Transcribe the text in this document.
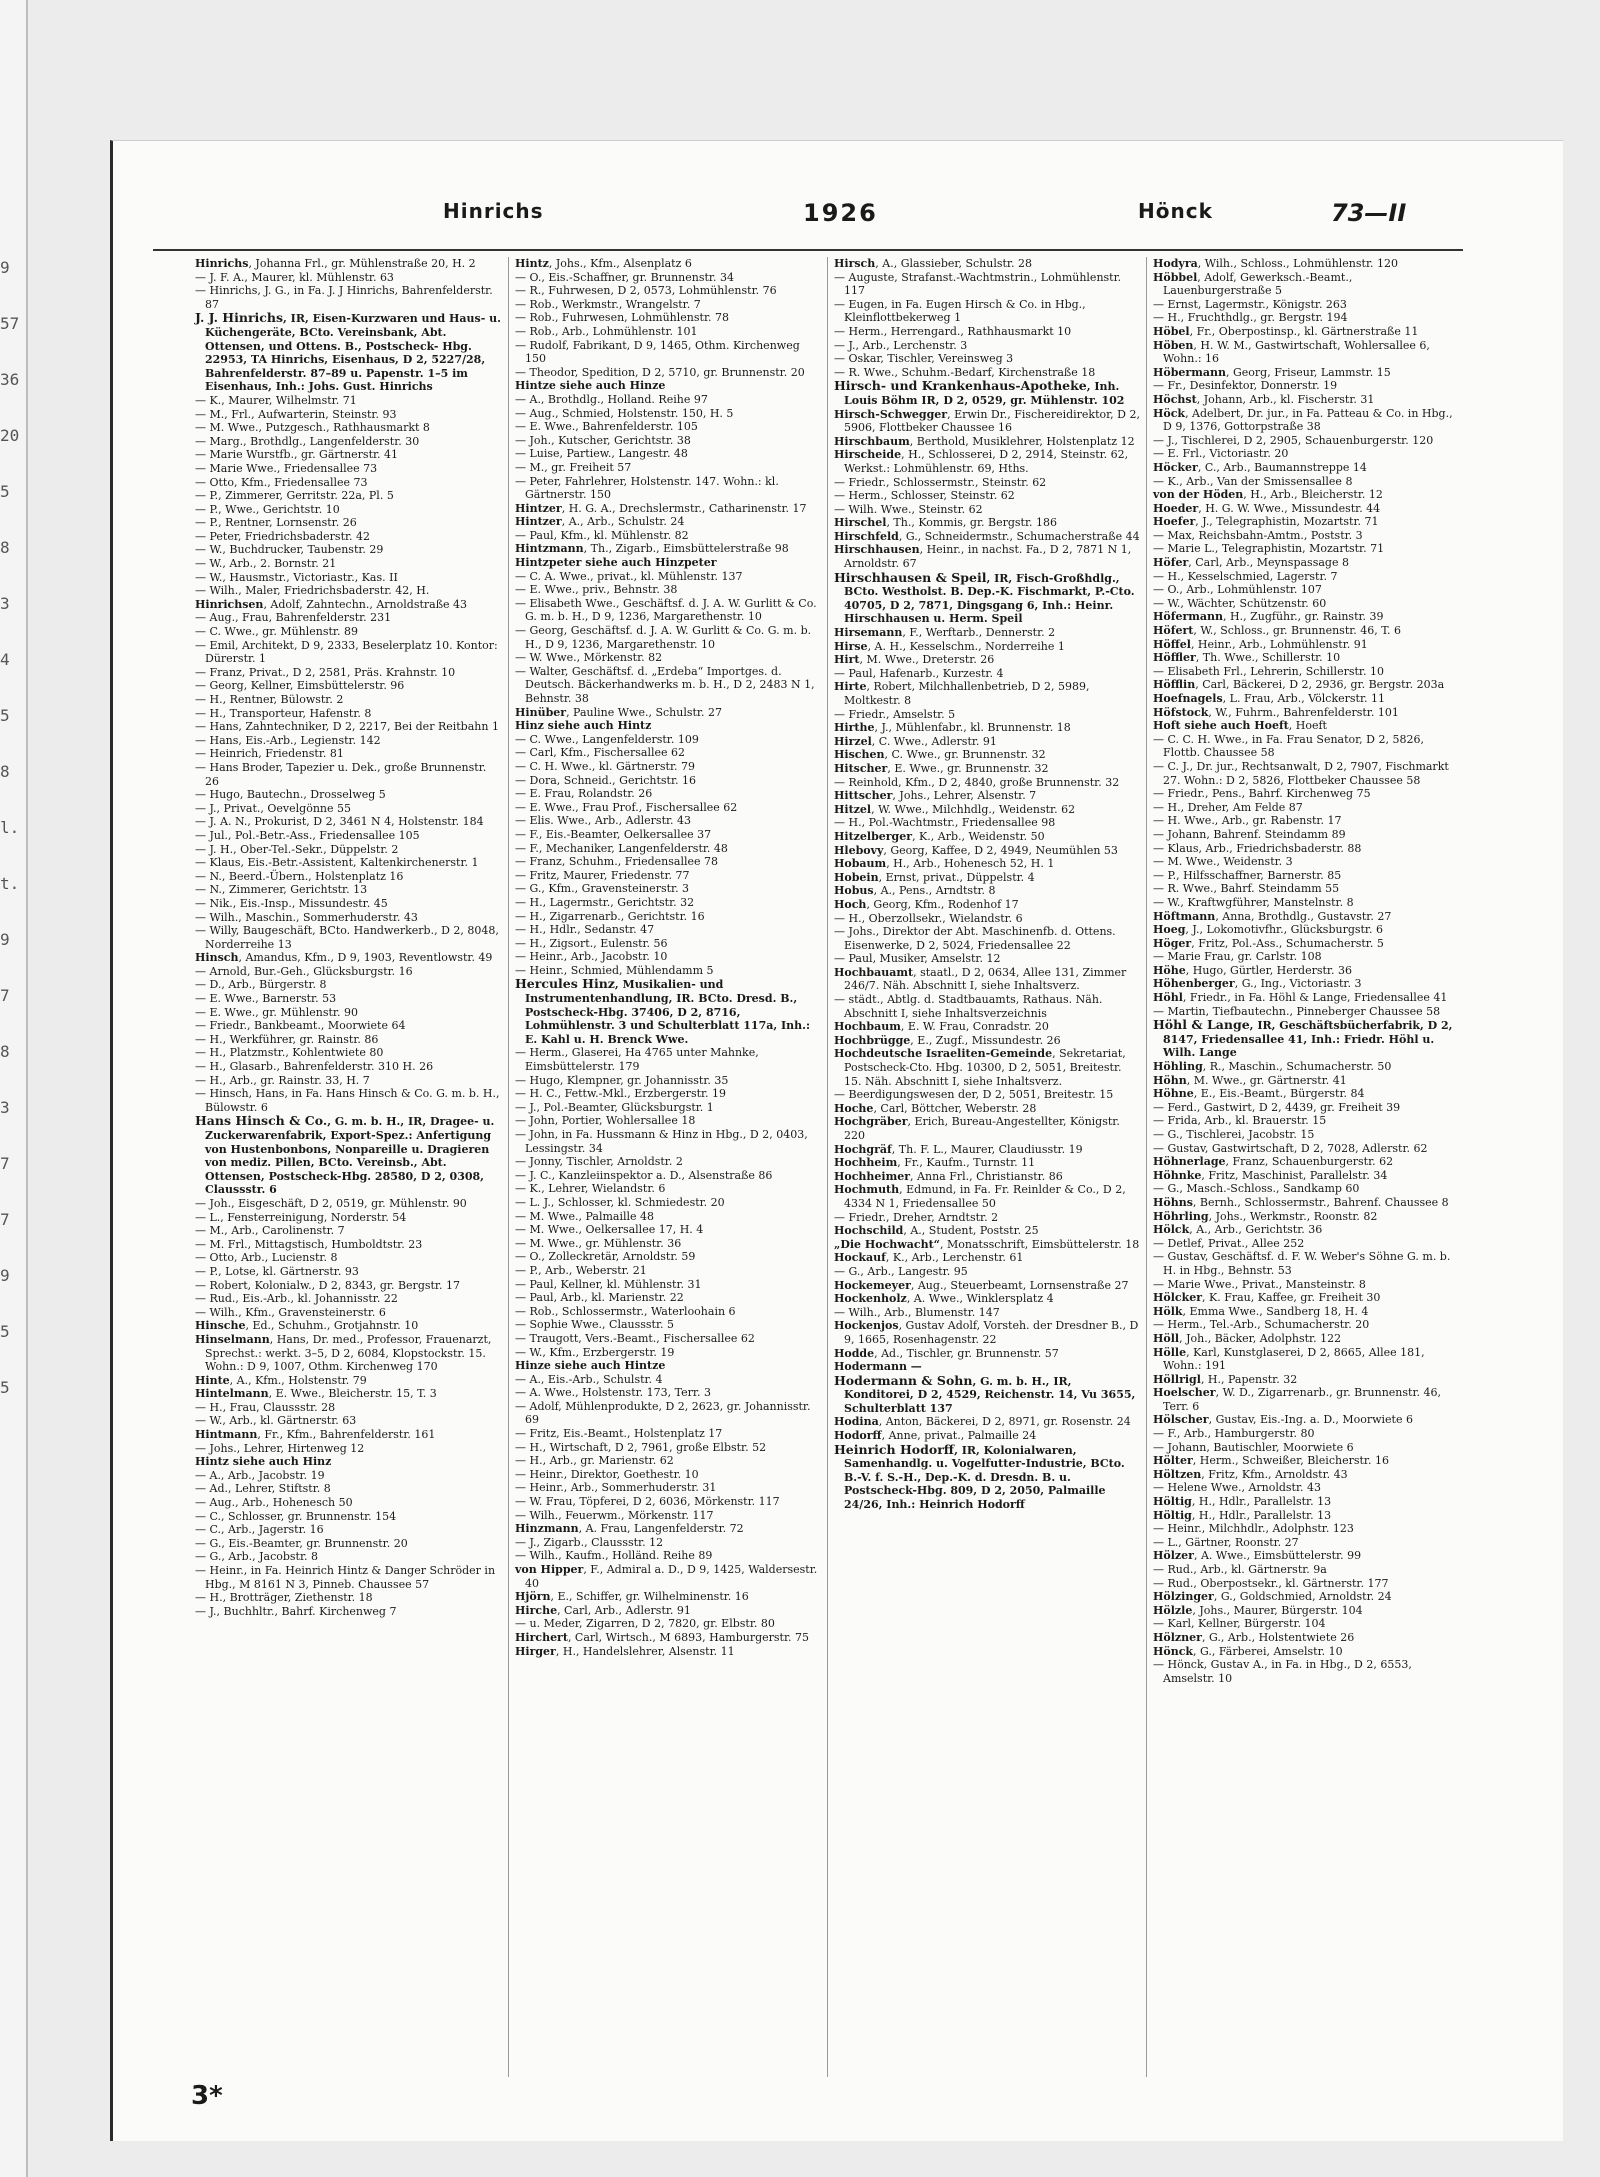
9
57
36
20
5
8
3
4
5
8
l.
t.
9
7
8
3
7
7
9
5
5
Hinrichs	1926	Hönck	73—II

Hinrichs, Johanna Frl., gr. Mühlenstraße 20, H. 2

— J. F. A., Maurer, kl. Mühlenstr. 63

— Hinrichs, J. G., in Fa. J. J Hinrichs, Bahrenfelderstr. 87

J. J. Hinrichs, IR, Eisen-Kurzwaren und Haus- u. Küchengeräte, BCto. Vereinsbank, Abt. Ottensen, und Ottens. B., Postscheck- Hbg. 22953, TA Hinrichs, Eisenhaus, D 2, 5227/28, Bahrenfelderstr. 87–89 u. Papenstr. 1–5 im Eisenhaus, Inh.: Johs. Gust. Hinrichs

— K., Maurer, Wilhelmstr. 71

— M., Frl., Aufwarterin, Steinstr. 93

— M. Wwe., Putzgesch., Rathhausmarkt 8

— Marg., Brothdlg., Langenfelderstr. 30

— Marie Wurstfb., gr. Gärtnerstr. 41

— Marie Wwe., Friedensallee 73

— Otto, Kfm., Friedensallee 73

— P., Zimmerer, Gerritstr. 22a, Pl. 5

— P., Wwe., Gerichtstr. 10

— P., Rentner, Lornsenstr. 26

— Peter, Friedrichsbaderstr. 42

— W., Buchdrucker, Taubenstr. 29

— W., Arb., 2. Bornstr. 21

— W., Hausmstr., Victoriastr., Kas. II

— Wilh., Maler, Friedrichsbaderstr. 42, H.

Hinrichsen, Adolf, Zahntechn., Arnoldstraße 43

— Aug., Frau, Bahrenfelderstr. 231

— C. Wwe., gr. Mühlenstr. 89

— Emil, Architekt, D 9, 2333, Beselerplatz 10. Kontor: Dürerstr. 1

— Franz, Privat., D 2, 2581, Präs. Krahnstr. 10

— Georg, Kellner, Eimsbüttelerstr. 96

— H., Rentner, Bülowstr. 2

— H., Transporteur, Hafenstr. 8

— Hans, Zahntechniker, D 2, 2217, Bei der Reitbahn 1

— Hans, Eis.-Arb., Legienstr. 142

— Heinrich, Friedenstr. 81

— Hans Broder, Tapezier u. Dek., große Brunnenstr. 26

— Hugo, Bautechn., Drosselweg 5

— J., Privat., Oevelgönne 55

— J. A. N., Prokurist, D 2, 3461 N 4, Holstenstr. 184

— Jul., Pol.-Betr.-Ass., Friedensallee 105

— J. H., Ober-Tel.-Sekr., Düppelstr. 2

— Klaus, Eis.-Betr.-Assistent, Kaltenkirchenerstr. 1

— N., Beerd.-Übern., Holstenplatz 16

— N., Zimmerer, Gerichtstr. 13

— Nik., Eis.-Insp., Missundestr. 45

— Wilh., Maschin., Sommerhuderstr. 43

— Willy, Baugeschäft, BCto. Handwerkerb., D 2, 8048, Norderreihe 13

Hinsch, Amandus, Kfm., D 9, 1903, Reventlowstr. 49

— Arnold, Bur.-Geh., Glücksburgstr. 16

— D., Arb., Bürgerstr. 8

— E. Wwe., Barnerstr. 53

— E. Wwe., gr. Mühlenstr. 90

— Friedr., Bankbeamt., Moorwiete 64

— H., Werkführer, gr. Rainstr. 86

— H., Platzmstr., Kohlentwiete 80

— H., Glasarb., Bahrenfelderstr. 310 H. 26

— H., Arb., gr. Rainstr. 33, H. 7

— Hinsch, Hans, in Fa. Hans Hinsch & Co. G. m. b. H., Bülowstr. 6

Hans Hinsch & Co., G. m. b. H., IR, Dragee- u. Zuckerwarenfabrik, Export-Spez.: Anfertigung von Hustenbonbons, Nonpareille u. Dragieren von mediz. Pillen, BCto. Vereinsb., Abt. Ottensen, Postscheck-Hbg. 28580, D 2, 0308, Claussstr. 6

— Joh., Eisgeschäft, D 2, 0519, gr. Mühlenstr. 90

— L., Fensterreinigung, Norderstr. 54

— M., Arb., Carolinenstr. 7

— M. Frl., Mittagstisch, Humboldtstr. 23

— Otto, Arb., Lucienstr. 8

— P., Lotse, kl. Gärtnerstr. 93

— Robert, Kolonialw., D 2, 8343, gr. Bergstr. 17

— Rud., Eis.-Arb., kl. Johannisstr. 22

— Wilh., Kfm., Gravensteinerstr. 6

Hinsche, Ed., Schuhm., Grotjahnstr. 10

Hinselmann, Hans, Dr. med., Professor, Frauenarzt, Sprechst.: werkt. 3–5, D 2, 6084, Klopstockstr. 15. Wohn.: D 9, 1007, Othm. Kirchenweg 170

Hinte, A., Kfm., Holstenstr. 79

Hintelmann, E. Wwe., Bleicherstr. 15, T. 3

— H., Frau, Claussstr. 28

— W., Arb., kl. Gärtnerstr. 63

Hintmann, Fr., Kfm., Bahrenfelderstr. 161

— Johs., Lehrer, Hirtenweg 12

Hintz siehe auch Hinz

— A., Arb., Jacobstr. 19

— Ad., Lehrer, Stiftstr. 8

— Aug., Arb., Hohenesch 50

— C., Schlosser, gr. Brunnenstr. 154

— C., Arb., Jagerstr. 16

— G., Eis.-Beamter, gr. Brunnenstr. 20

— G., Arb., Jacobstr. 8

— Heinr., in Fa. Heinrich Hintz & Danger Schröder in Hbg., M 8161 N 3, Pinneb. Chaussee 57

— H., Brotträger, Ziethenstr. 18

— J., Buchhltr., Bahrf. Kirchenweg 7

Hintz, Johs., Kfm., Alsenplatz 6

— O., Eis.-Schaffner, gr. Brunnenstr. 34

— R., Fuhrwesen, D 2, 0573, Lohmühlenstr. 76

— Rob., Werkmstr., Wrangelstr. 7

— Rob., Fuhrwesen, Lohmühlenstr. 78

— Rob., Arb., Lohmühlenstr. 101

— Rudolf, Fabrikant, D 9, 1465, Othm. Kirchenweg 150

— Theodor, Spedition, D 2, 5710, gr. Brunnenstr. 20

Hintze siehe auch Hinze

— A., Brothdlg., Holland. Reihe 97

— Aug., Schmied, Holstenstr. 150, H. 5

— E. Wwe., Bahrenfelderstr. 105

— Joh., Kutscher, Gerichtstr. 38

— Luise, Partiew., Langestr. 48

— M., gr. Freiheit 57

— Peter, Fahrlehrer, Holstenstr. 147. Wohn.: kl. Gärtnerstr. 150

Hintzer, H. G. A., Drechslermstr., Catharinenstr. 17

Hintzer, A., Arb., Schulstr. 24

— Paul, Kfm., kl. Mühlenstr. 82

Hintzmann, Th., Zigarb., Eimsbüttelerstraße 98

Hintzpeter siehe auch Hinzpeter

— C. A. Wwe., privat., kl. Mühlenstr. 137

— E. Wwe., priv., Behnstr. 38

— Elisabeth Wwe., Geschäftsf. d. J. A. W. Gurlitt & Co. G. m. b. H., D 9, 1236, Margarethenstr. 10

— Georg, Geschäftsf. d. J. A. W. Gurlitt & Co. G. m. b. H., D 9, 1236, Margarethenstr. 10

— W. Wwe., Mörkenstr. 82

— Walter, Geschäftsf. d. „Erdeba“ Importges. d. Deutsch. Bäckerhandwerks m. b. H., D 2, 2483 N 1, Behnstr. 38

Hinüber, Pauline Wwe., Schulstr. 27

Hinz siehe auch Hintz

— C. Wwe., Langenfelderstr. 109

— Carl, Kfm., Fischersallee 62

— C. H. Wwe., kl. Gärtnerstr. 79

— Dora, Schneid., Gerichtstr. 16

— E. Frau, Rolandstr. 26

— E. Wwe., Frau Prof., Fischersallee 62

— Elis. Wwe., Arb., Adlerstr. 43

— F., Eis.-Beamter, Oelkersallee 37

— F., Mechaniker, Langenfelderstr. 48

— Franz, Schuhm., Friedensallee 78

— Fritz, Maurer, Friedenstr. 77

— G., Kfm., Gravensteinerstr. 3

— H., Lagermstr., Gerichtstr. 32

— H., Zigarrenarb., Gerichtstr. 16

— H., Hdlr., Sedanstr. 47

— H., Zigsort., Eulenstr. 56

— Heinr., Arb., Jacobstr. 10

— Heinr., Schmied, Mühlendamm 5

Hercules Hinz, Musikalien- und Instrumentenhandlung, IR. BCto. Dresd. B., Postscheck-Hbg. 37406, D 2, 8716, Lohmühlenstr. 3 und Schulterblatt 117a, Inh.: E. Kahl u. H. Brenck Wwe.

— Herm., Glaserei, Ha 4765 unter Mahnke, Eimsbüttelerstr. 179

— Hugo, Klempner, gr. Johannisstr. 35

— H. C., Fettw.-Mkl., Erzbergerstr. 19

— J., Pol.-Beamter, Glücksburgstr. 1

— John, Portier, Wohlersallee 18

— John, in Fa. Hussmann & Hinz in Hbg., D 2, 0403, Lessingstr. 34

— Jonny, Tischler, Arnoldstr. 2

— J. C., Kanzleiinspektor a. D., Alsenstraße 86

— K., Lehrer, Wielandstr. 6

— L. J., Schlosser, kl. Schmiedestr. 20

— M. Wwe., Palmaille 48

— M. Wwe., Oelkersallee 17, H. 4

— M. Wwe., gr. Mühlenstr. 36

— O., Zolleckretär, Arnoldstr. 59

— P., Arb., Weberstr. 21

— Paul, Kellner, kl. Mühlenstr. 31

— Paul, Arb., kl. Marienstr. 22

— Rob., Schlossermstr., Waterloohain 6

— Sophie Wwe., Claussstr. 5

— Traugott, Vers.-Beamt., Fischersallee 62

— W., Kfm., Erzbergerstr. 19

Hinze siehe auch Hintze

— A., Eis.-Arb., Schulstr. 4

— A. Wwe., Holstenstr. 173, Terr. 3

— Adolf, Mühlenprodukte, D 2, 2623, gr. Johannisstr. 69

— Fritz, Eis.-Beamt., Holstenplatz 17

— H., Wirtschaft, D 2, 7961, große Elbstr. 52

— H., Arb., gr. Marienstr. 62

— Heinr., Direktor, Goethestr. 10

— Heinr., Arb., Sommerhuderstr. 31

— W. Frau, Töpferei, D 2, 6036, Mörkenstr. 117

— Wilh., Feuerwm., Mörkenstr. 117

Hinzmann, A. Frau, Langenfelderstr. 72

— J., Zigarb., Claussstr. 12

— Wilh., Kaufm., Holländ. Reihe 89

von Hipper, F., Admiral a. D., D 9, 1425, Waldersestr. 40

Hjörn, E., Schiffer, gr. Wilhelminenstr. 16

Hirche, Carl, Arb., Adlerstr. 91

— u. Meder, Zigarren, D 2, 7820, gr. Elbstr. 80

Hirchert, Carl, Wirtsch., M 6893, Hamburgerstr. 75

Hirger, H., Handelslehrer, Alsenstr. 11

Hirsch, A., Glassieber, Schulstr. 28

— Auguste, Strafanst.-Wachtmstrin., Lohmühlenstr. 117

— Eugen, in Fa. Eugen Hirsch & Co. in Hbg., Kleinflottbekerweg 1

— Herm., Herrengard., Rathhausmarkt 10

— J., Arb., Lerchenstr. 3

— Oskar, Tischler, Vereinsweg 3

— R. Wwe., Schuhm.-Bedarf, Kirchenstraße 18

Hirsch- und Krankenhaus-Apotheke, Inh. Louis Böhm IR, D 2, 0529, gr. Mühlenstr. 102

Hirsch-Schwegger, Erwin Dr., Fischereidirektor, D 2, 5906, Flottbeker Chaussee 16

Hirschbaum, Berthold, Musiklehrer, Holstenplatz 12

Hirscheide, H., Schlosserei, D 2, 2914, Steinstr. 62, Werkst.: Lohmühlenstr. 69, Hths.

— Friedr., Schlossermstr., Steinstr. 62

— Herm., Schlosser, Steinstr. 62

— Wilh. Wwe., Steinstr. 62

Hirschel, Th., Kommis, gr. Bergstr. 186

Hirschfeld, G., Schneidermstr., Schumacherstraße 44

Hirschhausen, Heinr., in nachst. Fa., D 2, 7871 N 1, Arnoldstr. 67

Hirschhausen & Speil, IR, Fisch-Großhdlg., BCto. Westholst. B. Dep.-K. Fischmarkt, P.-Cto. 40705, D 2, 7871, Dingsgang 6, Inh.: Heinr. Hirschhausen u. Herm. Speil

Hirsemann, F., Werftarb., Dennerstr. 2

Hirse, A. H., Kesselschm., Norderreihe 1

Hirt, M. Wwe., Dreterstr. 26

— Paul, Hafenarb., Kurzestr. 4

Hirte, Robert, Milchhallenbetrieb, D 2, 5989, Moltkestr. 8

— Friedr., Amselstr. 5

Hirthe, J., Mühlenfabr., kl. Brunnenstr. 18

Hirzel, C. Wwe., Adlerstr. 91

Hischen, C. Wwe., gr. Brunnenstr. 32

Hitscher, E. Wwe., gr. Brunnenstr. 32

— Reinhold, Kfm., D 2, 4840, große Brunnenstr. 32

Hittscher, Johs., Lehrer, Alsenstr. 7

Hitzel, W. Wwe., Milchhdlg., Weidenstr. 62

— H., Pol.-Wachtmstr., Friedensallee 98

Hitzelberger, K., Arb., Weidenstr. 50

Hlebovy, Georg, Kaffee, D 2, 4949, Neumühlen 53

Hobaum, H., Arb., Hohenesch 52, H. 1

Hobein, Ernst, privat., Düppelstr. 4

Hobus, A., Pens., Arndtstr. 8

Hoch, Georg, Kfm., Rodenhof 17

— H., Oberzollsekr., Wielandstr. 6

— Johs., Direktor der Abt. Maschinenfb. d. Ottens. Eisenwerke, D 2, 5024, Friedensallee 22

— Paul, Musiker, Amselstr. 12

Hochbauamt, staatl., D 2, 0634, Allee 131, Zimmer 246/7. Näh. Abschnitt I, siehe Inhaltsverz.

— städt., Abtlg. d. Stadtbauamts, Rathaus. Näh. Abschnitt I, siehe Inhaltsverzeichnis

Hochbaum, E. W. Frau, Conradstr. 20

Hochbrügge, E., Zugf., Missundestr. 26

Hochdeutsche Israeliten-Gemeinde, Sekretariat, Postscheck-Cto. Hbg. 10300, D 2, 5051, Breitestr. 15. Näh. Abschnitt I, siehe Inhaltsverz.

— Beerdigungswesen der, D 2, 5051, Breitestr. 15

Hoche, Carl, Böttcher, Weberstr. 28

Hochgräber, Erich, Bureau-Angestellter, Königstr. 220

Hochgräf, Th. F. L., Maurer, Claudiusstr. 19

Hochheim, Fr., Kaufm., Turnstr. 11

Hochheimer, Anna Frl., Christianstr. 86

Hochmuth, Edmund, in Fa. Fr. Reinlder & Co., D 2, 4334 N 1, Friedensallee 50

— Friedr., Dreher, Arndtstr. 2

Hochschild, A., Student, Poststr. 25

„Die Hochwacht“, Monatsschrift, Eimsbüttelerstr. 18

Hockauf, K., Arb., Lerchenstr. 61

— G., Arb., Langestr. 95

Hockemeyer, Aug., Steuerbeamt, Lornsenstraße 27

Hockenholz, A. Wwe., Winklersplatz 4

— Wilh., Arb., Blumenstr. 147

Hockenjos, Gustav Adolf, Vorsteh. der Dresdner B., D 9, 1665, Rosenhagenstr. 22

Hodde, Ad., Tischler, gr. Brunnenstr. 57

Hodermann —

Hodermann & Sohn, G. m. b. H., IR, Konditorei, D 2, 4529, Reichenstr. 14, Vu 3655, Schulterblatt 137

Hodina, Anton, Bäckerei, D 2, 8971, gr. Rosenstr. 24

Hodorff, Anne, privat., Palmaille 24

Heinrich Hodorff, IR, Kolonialwaren, Samenhandlg. u. Vogelfutter-Industrie, BCto. B.-V. f. S.-H., Dep.-K. d. Dresdn. B. u. Postscheck-Hbg. 809, D 2, 2050, Palmaille 24/26, Inh.: Heinrich Hodorff

Hodyra, Wilh., Schloss., Lohmühlenstr. 120

Höbbel, Adolf, Gewerksch.-Beamt., Lauenburgerstraße 5

— Ernst, Lagermstr., Königstr. 263

— H., Fruchthdlg., gr. Bergstr. 194

Höbel, Fr., Oberpostinsp., kl. Gärtnerstraße 11

Höben, H. W. M., Gastwirtschaft, Wohlersallee 6, Wohn.: 16

Höbermann, Georg, Friseur, Lammstr. 15

— Fr., Desinfektor, Donnerstr. 19

Höchst, Johann, Arb., kl. Fischerstr. 31

Höck, Adelbert, Dr. jur., in Fa. Patteau & Co. in Hbg., D 9, 1376, Gottorpstraße 38

— J., Tischlerei, D 2, 2905, Schauenburgerstr. 120

— E. Frl., Victoriastr. 20

Höcker, C., Arb., Baumannstreppe 14

— K., Arb., Van der Smissensallee 8

von der Höden, H., Arb., Bleicherstr. 12

Hoeder, H. G. W. Wwe., Missundestr. 44

Hoefer, J., Telegraphistin, Mozartstr. 71

— Max, Reichsbahn-Amtm., Poststr. 3

— Marie L., Telegraphistin, Mozartstr. 71

Höfer, Carl, Arb., Meynspassage 8

— H., Kesselschmied, Lagerstr. 7

— O., Arb., Lohmühlenstr. 107

— W., Wächter, Schützenstr. 60

Höfermann, H., Zugführ., gr. Rainstr. 39

Höfert, W., Schloss., gr. Brunnenstr. 46, T. 6

Höffel, Heinr., Arb., Lohmühlenstr. 91

Höffler, Th. Wwe., Schillerstr. 10

— Elisabeth Frl., Lehrerin, Schillerstr. 10

Höfflin, Carl, Bäckerei, D 2, 2936, gr. Bergstr. 203a

Hoefnagels, L. Frau, Arb., Völckerstr. 11

Höfstock, W., Fuhrm., Bahrenfelderstr. 101

Hoft siehe auch Hoeft, Hoeft

— C. C. H. Wwe., in Fa. Frau Senator, D 2, 5826, Flottb. Chaussee 58

— C. J., Dr. jur., Rechtsanwalt, D 2, 7907, Fischmarkt 27. Wohn.: D 2, 5826, Flottbeker Chaussee 58

— Friedr., Pens., Bahrf. Kirchenweg 75

— H., Dreher, Am Felde 87

— H. Wwe., Arb., gr. Rabenstr. 17

— Johann, Bahrenf. Steindamm 89

— Klaus, Arb., Friedrichsbaderstr. 88

— M. Wwe., Weidenstr. 3

— P., Hilfsschaffner, Barnerstr. 85

— R. Wwe., Bahrf. Steindamm 55

— W., Kraftwgführer, Manstelnstr. 8

Höftmann, Anna, Brothdlg., Gustavstr. 27

Hoeg, J., Lokomotivfhr., Glücksburgstr. 6

Höger, Fritz, Pol.-Ass., Schumacherstr. 5

— Marie Frau, gr. Carlstr. 108

Höhe, Hugo, Gürtler, Herderstr. 36

Höhenberger, G., Ing., Victoriastr. 3

Höhl, Friedr., in Fa. Höhl & Lange, Friedensallee 41

— Martin, Tiefbautechn., Pinneberger Chaussee 58

Höhl & Lange, IR, Geschäftsbücherfabrik, D 2, 8147, Friedensallee 41, Inh.: Friedr. Höhl u. Wilh. Lange

Höhling, R., Maschin., Schumacherstr. 50

Höhn, M. Wwe., gr. Gärtnerstr. 41

Höhne, E., Eis.-Beamt., Bürgerstr. 84

— Ferd., Gastwirt, D 2, 4439, gr. Freiheit 39

— Frida, Arb., kl. Brauerstr. 15

— G., Tischlerei, Jacobstr. 15

— Gustav, Gastwirtschaft, D 2, 7028, Adlerstr. 62

Höhnerlage, Franz, Schauenburgerstr. 62

Höhnke, Fritz, Maschinist, Parallelstr. 34

— G., Masch.-Schloss., Sandkamp 60

Höhns, Bernh., Schlossermstr., Bahrenf. Chaussee 8

Höhrling, Johs., Werkmstr., Roonstr. 82

Hölck, A., Arb., Gerichtstr. 36

— Detlef, Privat., Allee 252

— Gustav, Geschäftsf. d. F. W. Weber's Söhne G. m. b. H. in Hbg., Behnstr. 53

— Marie Wwe., Privat., Mansteinstr. 8

Hölcker, K. Frau, Kaffee, gr. Freiheit 30

Hölk, Emma Wwe., Sandberg 18, H. 4

— Herm., Tel.-Arb., Schumacherstr. 20

Höll, Joh., Bäcker, Adolphstr. 122

Hölle, Karl, Kunstglaserei, D 2, 8665, Allee 181, Wohn.: 191

Höllrigl, H., Papenstr. 32

Hoelscher, W. D., Zigarrenarb., gr. Brunnenstr. 46, Terr. 6

Hölscher, Gustav, Eis.-Ing. a. D., Moorwiete 6

— F., Arb., Hamburgerstr. 80

— Johann, Bautischler, Moorwiete 6

Hölter, Herm., Schweißer, Bleicherstr. 16

Höltzen, Fritz, Kfm., Arnoldstr. 43

— Helene Wwe., Arnoldstr. 43

Höltig, H., Hdlr., Parallelstr. 13

Höltig, H., Hdlr., Parallelstr. 13

— Heinr., Milchhdlr., Adolphstr. 123

— L., Gärtner, Roonstr. 27

Hölzer, A. Wwe., Eimsbüttelerstr. 99

— Rud., Arb., kl. Gärtnerstr. 9a

— Rud., Oberpostsekr., kl. Gärtnerstr. 177

Hölzinger, G., Goldschmied, Arnoldstr. 24

Hölzle, Johs., Maurer, Bürgerstr. 104

— Karl, Kellner, Bürgerstr. 104

Hölzner, G., Arb., Holstentwiete 26

Hönck, G., Färberei, Amselstr. 10

— Hönck, Gustav A., in Fa. in Hbg., D 2, 6553, Amselstr. 10

3*
